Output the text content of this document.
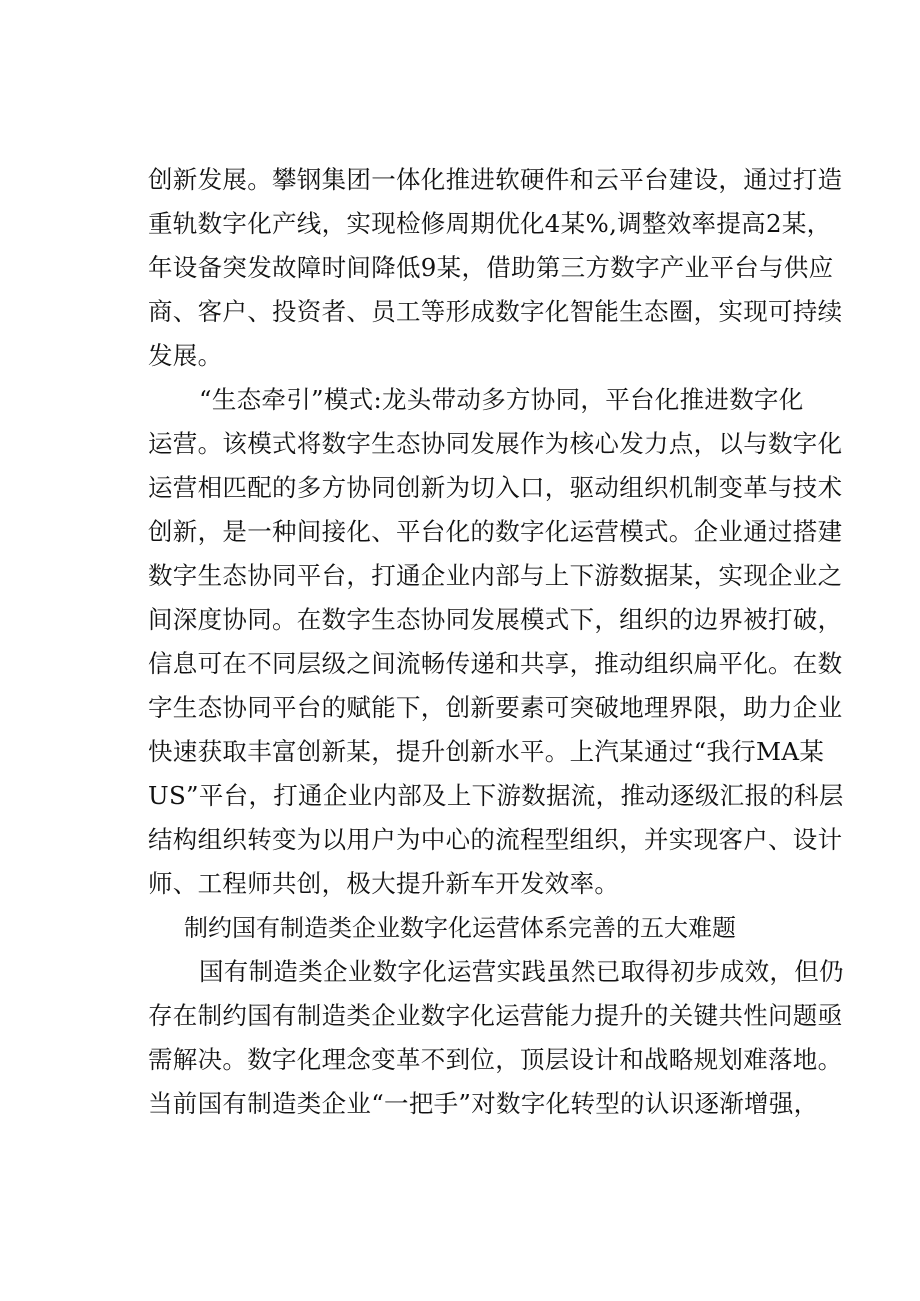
创新发展。攀钢集团一体化推进软硬件和云平台建设，通过打造
重轨数字化产线，实现检修周期优化4某%,调整效率提高2某，
年设备突发故障时间降低9某，借助第三方数字产业平台与供应
商、客户、投资者、员工等形成数字化智能生态圈，实现可持续
发展。
“生态牵引”模式:龙头带动多方协同，平台化推进数字化
运营。该模式将数字生态协同发展作为核心发力点，以与数字化
运营相匹配的多方协同创新为切入口，驱动组织机制变革与技术
创新，是一种间接化、平台化的数字化运营模式。企业通过搭建
数字生态协同平台，打通企业内部与上下游数据某，实现企业之
间深度协同。在数字生态协同发展模式下，组织的边界被打破，
信息可在不同层级之间流畅传递和共享，推动组织扁平化。在数
字生态协同平台的赋能下，创新要素可突破地理界限，助力企业
快速获取丰富创新某，提升创新水平。上汽某通过“我行MA某
US”平台，打通企业内部及上下游数据流，推动逐级汇报的科层
结构组织转变为以用户为中心的流程型组织，并实现客户、设计
师、工程师共创，极大提升新车开发效率。
制约国有制造类企业数字化运营体系完善的五大难题
国有制造类企业数字化运营实践虽然已取得初步成效，但仍
存在制约国有制造类企业数字化运营能力提升的关键共性问题亟
需解决。数字化理念变革不到位，顶层设计和战略规划难落地。
当前国有制造类企业“一把手”对数字化转型的认识逐渐增强，
